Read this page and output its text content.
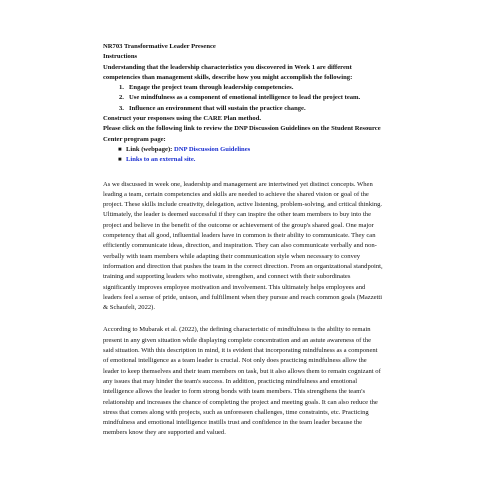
NR703 Transformative Leader Presence
Instructions
Understanding that the leadership characteristics you discovered in Week 1 are different
competencies than management skills, describe how you might accomplish the following:
1. Engage the project team through leadership competencies.
2. Use mindfulness as a component of emotional intelligence to lead the project team.
3. Influence an environment that will sustain the practice change.
Construct your responses using the CARE Plan method.
Please click on the following link to review the DNP Discussion Guidelines on the Student Resource
Center program page:
■ Link (webpage): DNP Discussion Guidelines
■ Links to an external site.
As we discussed in week one, leadership and management are intertwined yet distinct concepts. When
leading a team, certain competencies and skills are needed to achieve the shared vision or goal of the
project. These skills include creativity, delegation, active listening, problem-solving, and critical thinking.
Ultimately, the leader is deemed successful if they can inspire the other team members to buy into the
project and believe in the benefit of the outcome or achievement of the group's shared goal. One major
competency that all good, influential leaders have in common is their ability to communicate. They can
efficiently communicate ideas, direction, and inspiration. They can also communicate verbally and non-
verbally with team members while adapting their communication style when necessary to convey
information and direction that pushes the team in the correct direction. From an organizational standpoint,
training and supporting leaders who motivate, strengthen, and connect with their subordinates
significantly improves employee motivation and involvement. This ultimately helps employees and
leaders feel a sense of pride, unison, and fulfillment when they pursue and reach common goals (Mazzetti
& Schaufeli, 2022).
According to Mubarak et al. (2022), the defining characteristic of mindfulness is the ability to remain
present in any given situation while displaying complete concentration and an astute awareness of the
said situation. With this description in mind, it is evident that incorporating mindfulness as a component
of emotional intelligence as a team leader is crucial. Not only does practicing mindfulness allow the
leader to keep themselves and their team members on task, but it also allows them to remain cognizant of
any issues that may hinder the team's success. In addition, practicing mindfulness and emotional
intelligence allows the leader to form strong bonds with team members. This strengthens the team's
relationship and increases the chance of completing the project and meeting goals. It can also reduce the
stress that comes along with projects, such as unforeseen challenges, time constraints, etc. Practicing
mindfulness and emotional intelligence instills trust and confidence in the team leader because the
members know they are supported and valued.
